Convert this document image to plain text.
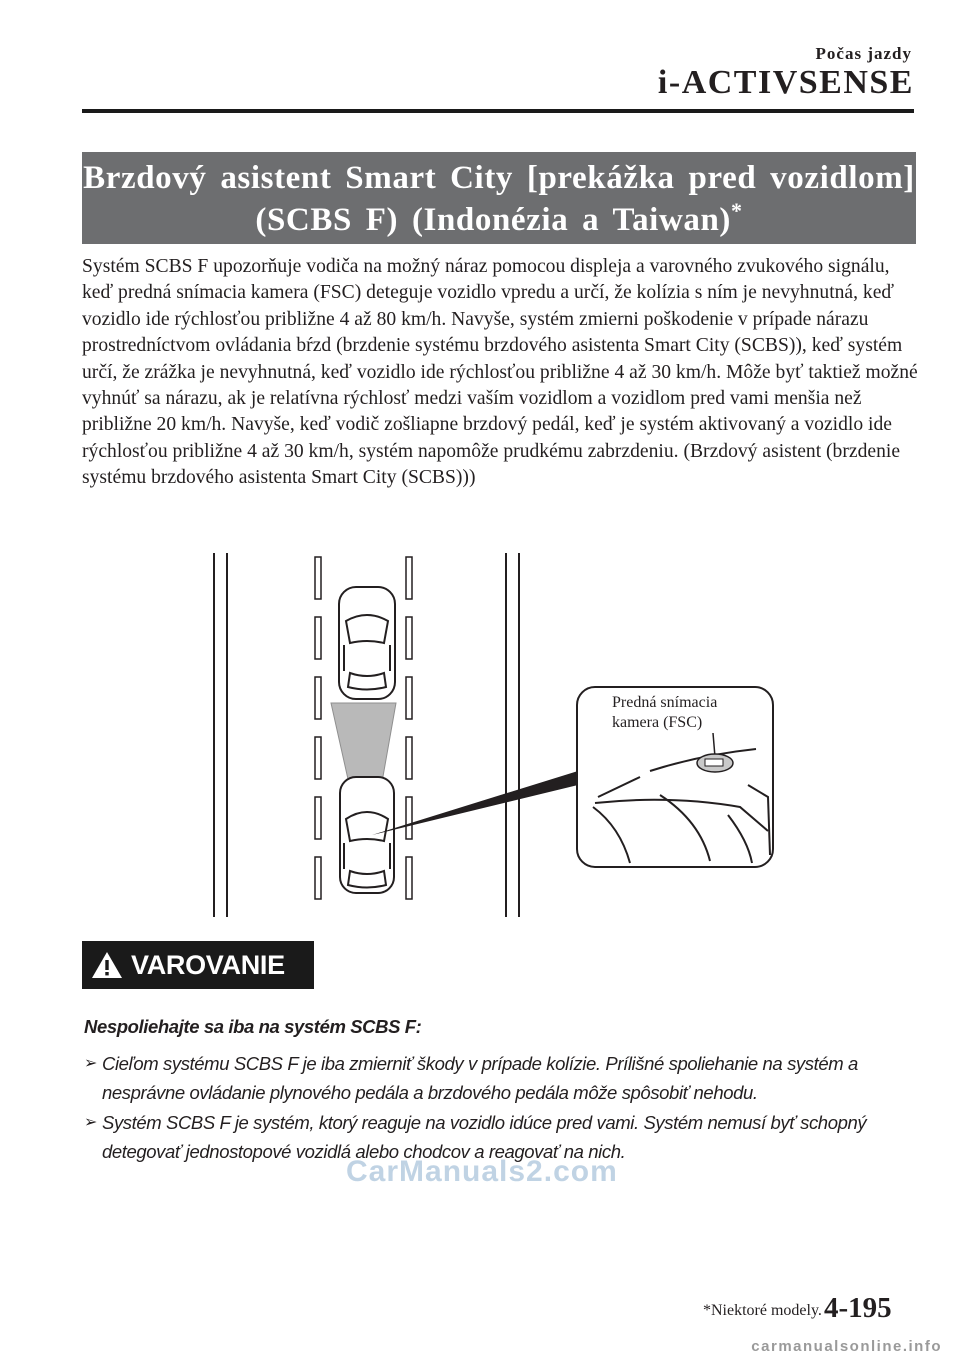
Počas jazdy
i-ACTIVSENSE
Brzdový asistent Smart City [prekážka pred vozidlom]
(SCBS F) (Indonézia a Taiwan)*
Systém SCBS F upozorňuje vodiča na možný náraz pomocou displeja a varovného zvukového signálu, keď predná snímacia kamera (FSC) deteguje vozidlo vpredu a určí, že kolízia s ním je nevyhnutná, keď vozidlo ide rýchlosťou približne 4 až 80 km/h. Navyše, systém zmierni poškodenie v prípade nárazu prostredníctvom ovládania bŕzd (brzdenie systému brzdového asistenta Smart City (SCBS)), keď systém určí, že zrážka je nevyhnutná, keď vozidlo ide rýchlosťou približne 4 až 30 km/h. Môže byť taktiež možné vyhnúť sa nárazu, ak je relatívna rýchlosť medzi vaším vozidlom a vozidlom pred vami menšia než približne 20 km/h. Navyše, keď vodič zošliapne brzdový pedál, keď je systém aktivovaný a vozidlo ide rýchlosťou približne 4 až 30 km/h, systém napomôže prudkému zabrzdeniu. (Brzdový asistent (brzdenie systému brzdového asistenta Smart City (SCBS)))
Predná snímacia
kamera (FSC)
VAROVANIE
Nespoliehajte sa iba na systém SCBS F:
➢ Cieľom systému SCBS F je iba zmierniť škody v prípade kolízie. Prílišné spoliehanie na systém a nesprávne ovládanie plynového pedála a brzdového pedála môže spôsobiť nehodu.
➢ Systém SCBS F je systém, ktorý reaguje na vozidlo idúce pred vami. Systém nemusí byť schopný detegovať jednostopové vozidlá alebo chodcov a reagovať na nich.
CarManuals2.com
*Niektoré modely. 4-195
carmanualsonline.info
